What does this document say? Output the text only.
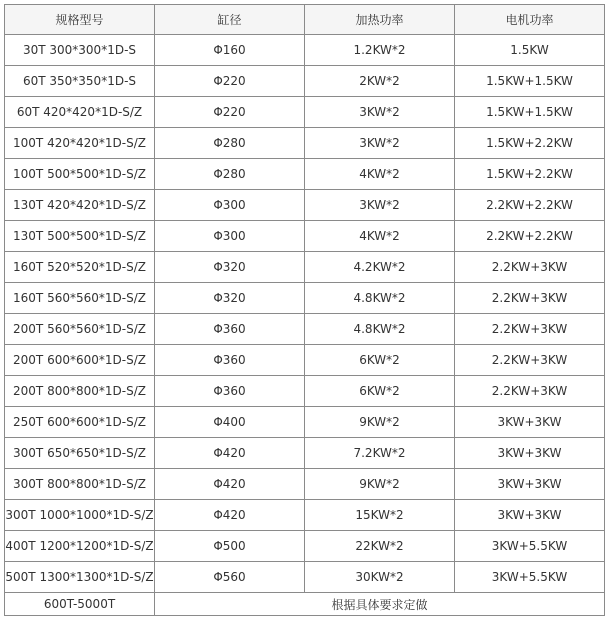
规格型号	缸径	加热功率	电机功率
30T 300*300*1D-S	Φ160	1.2KW*2	1.5KW
60T 350*350*1D-S	Φ220	2KW*2	1.5KW+1.5KW
60T 420*420*1D-S/Z	Φ220	3KW*2	1.5KW+1.5KW
100T 420*420*1D-S/Z	Φ280	3KW*2	1.5KW+2.2KW
100T 500*500*1D-S/Z	Φ280	4KW*2	1.5KW+2.2KW
130T 420*420*1D-S/Z	Φ300	3KW*2	2.2KW+2.2KW
130T 500*500*1D-S/Z	Φ300	4KW*2	2.2KW+2.2KW
160T 520*520*1D-S/Z	Φ320	4.2KW*2	2.2KW+3KW
160T 560*560*1D-S/Z	Φ320	4.8KW*2	2.2KW+3KW
200T 560*560*1D-S/Z	Φ360	4.8KW*2	2.2KW+3KW
200T 600*600*1D-S/Z	Φ360	6KW*2	2.2KW+3KW
200T 800*800*1D-S/Z	Φ360	6KW*2	2.2KW+3KW
250T 600*600*1D-S/Z	Φ400	9KW*2	3KW+3KW
300T 650*650*1D-S/Z	Φ420	7.2KW*2	3KW+3KW
300T 800*800*1D-S/Z	Φ420	9KW*2	3KW+3KW
300T 1000*1000*1D-S/Z	Φ420	15KW*2	3KW+3KW
400T 1200*1200*1D-S/Z	Φ500	22KW*2	3KW+5.5KW
500T 1300*1300*1D-S/Z	Φ560	30KW*2	3KW+5.5KW
600T-5000T	根据具体要求定做		
